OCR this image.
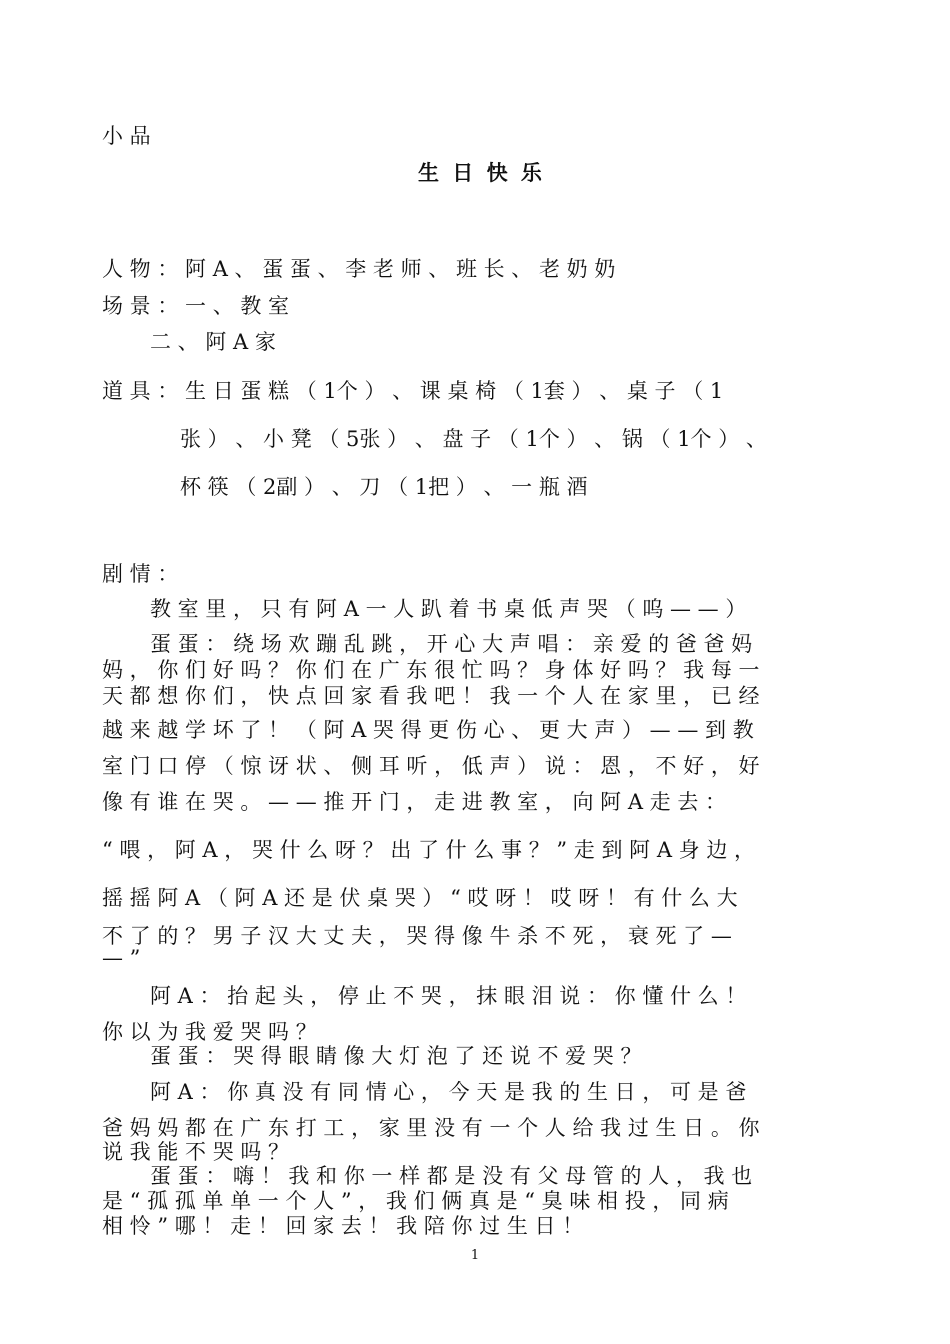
小 品
生 日 快 乐
人 物 ： 阿 A 、 蛋 蛋 、 李 老 师 、 班 长 、 老 奶 奶
场 景 ： 一 、 教 室
二 、 阿 A 家
道 具 ： 生 日 蛋 糕 （ 1个 ） 、 课 桌 椅 （ 1套 ） 、 桌 子 （ 1
张 ） 、 小 凳 （ 5张 ） 、 盘 子 （ 1个 ） 、 锅 （ 1个 ） 、
杯 筷 （ 2副 ） 、 刀 （ 1把 ） 、 一 瓶 酒
剧 情 ：
教 室 里 ， 只 有 阿 A 一 人 趴 着 书 桌 低 声 哭 （ 呜 — — ）
蛋 蛋 ： 绕 场 欢 蹦 乱 跳 ， 开 心 大 声 唱 ： 亲 爱 的 爸 爸 妈
妈 ， 你 们 好 吗 ？ 你 们 在 广 东 很 忙 吗 ？ 身 体 好 吗 ？ 我 每 一
天 都 想 你 们 ， 快 点 回 家 看 我 吧 ！ 我 一 个 人 在 家 里 ， 已 经
越 来 越 学 坏 了 ！ （ 阿 A 哭 得 更 伤 心 、 更 大 声 ） — — 到 教
室 门 口 停 （ 惊 讶 状 、 侧 耳 听 ， 低 声 ） 说 ： 恩 ， 不 好 ， 好
像 有 谁 在 哭 。 — — 推 开 门 ， 走 进 教 室 ， 向 阿 A 走 去 ：
“ 喂 ， 阿 A ， 哭 什 么 呀 ？ 出 了 什 么 事 ？ ” 走 到 阿 A 身 边 ，
摇 摇 阿 A （ 阿 A 还 是 伏 桌 哭 ） “ 哎 呀 ！ 哎 呀 ！ 有 什 么 大
不 了 的 ？ 男 子 汉 大 丈 夫 ， 哭 得 像 牛 杀 不 死 ， 衰 死 了 —
— ”
阿 A ： 抬 起 头 ， 停 止 不 哭 ， 抹 眼 泪 说 ： 你 懂 什 么 ！
你 以 为 我 爱 哭 吗 ？
蛋 蛋 ： 哭 得 眼 睛 像 大 灯 泡 了 还 说 不 爱 哭 ？
阿 A ： 你 真 没 有 同 情 心 ， 今 天 是 我 的 生 日 ， 可 是 爸
爸 妈 妈 都 在 广 东 打 工 ， 家 里 没 有 一 个 人 给 我 过 生 日 。 你
说 我 能 不 哭 吗 ？
蛋 蛋 ： 嗨 ！ 我 和 你 一 样 都 是 没 有 父 母 管 的 人 ， 我 也
是 “ 孤 孤 单 单 一 个 人 ” ， 我 们 俩 真 是 “ 臭 味 相 投 ， 同 病
相 怜 ” 哪 ！ 走 ！ 回 家 去 ！ 我 陪 你 过 生 日 ！
1
